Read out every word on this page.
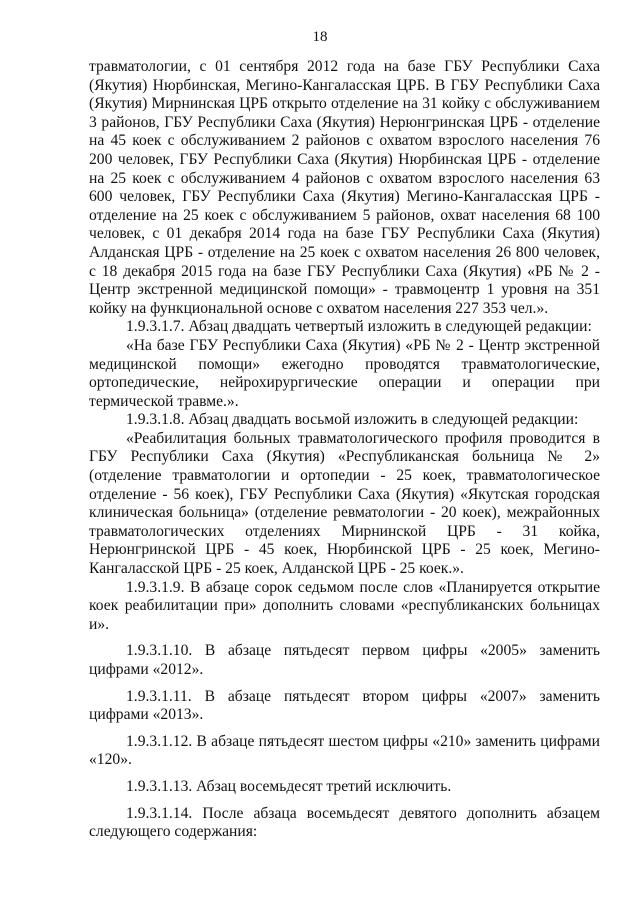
18

травматологии, с 01 сентября 2012 года на базе ГБУ Республики Саха (Якутия) Нюрбинская, Мегино-Кангаласская ЦРБ. В ГБУ Республики Саха (Якутия) Мирнинская ЦРБ открыто отделение на 31 койку с обслуживанием 3 районов, ГБУ Республики Саха (Якутия) Нерюнгринская ЦРБ - отделение на 45 коек с обслуживанием 2 районов с охватом взрослого населения 76 200 человек, ГБУ Республики Саха (Якутия) Нюрбинская ЦРБ - отделение на 25 коек с обслуживанием 4 районов с охватом взрослого населения 63 600 человек, ГБУ Республики Саха (Якутия) Мегино-Кангаласская ЦРБ - отделение на 25 коек с обслуживанием 5 районов, охват населения 68 100 человек, с 01 декабря 2014 года на базе ГБУ Республики Саха (Якутия) Алданская ЦРБ - отделение на 25 коек с охватом населения 26 800 человек, с 18 декабря 2015 года на базе ГБУ Республики Саха (Якутия) «РБ № 2 - Центр экстренной медицинской помощи» - травмоцентр 1 уровня на 351 койку на функциональной основе с охватом населения 227 353 чел.».

1.9.3.1.7. Абзац двадцать четвертый изложить в следующей редакции:

«На базе ГБУ Республики Саха (Якутия) «РБ № 2 - Центр экстренной медицинской помощи» ежегодно проводятся травматологические, ортопедические, нейрохирургические операции и операции при термической травме.».

1.9.3.1.8. Абзац двадцать восьмой изложить в следующей редакции:

«Реабилитация больных травматологического профиля проводится в ГБУ Республики Саха (Якутия) «Республиканская больница № 2» (отделение травматологии и ортопедии - 25 коек, травматологическое отделение - 56 коек), ГБУ Республики Саха (Якутия) «Якутская городская клиническая больница» (отделение ревматологии - 20 коек), межрайонных травматологических отделениях Мирнинской ЦРБ - 31 койка, Нерюнгринской ЦРБ - 45 коек, Нюрбинской ЦРБ - 25 коек, Мегино-Кангаласской ЦРБ - 25 коек, Алданской ЦРБ - 25 коек.».

1.9.3.1.9. В абзаце сорок седьмом после слов «Планируется открытие коек реабилитации при» дополнить словами «республиканских больницах и».

1.9.3.1.10. В абзаце пятьдесят первом цифры «2005» заменить цифрами «2012».

1.9.3.1.11. В абзаце пятьдесят втором цифры «2007» заменить цифрами «2013».

1.9.3.1.12. В абзаце пятьдесят шестом цифры «210» заменить цифрами «120».

1.9.3.1.13. Абзац восемьдесят третий исключить.

1.9.3.1.14. После абзаца восемьдесят девятого дополнить абзацем следующего содержания:
